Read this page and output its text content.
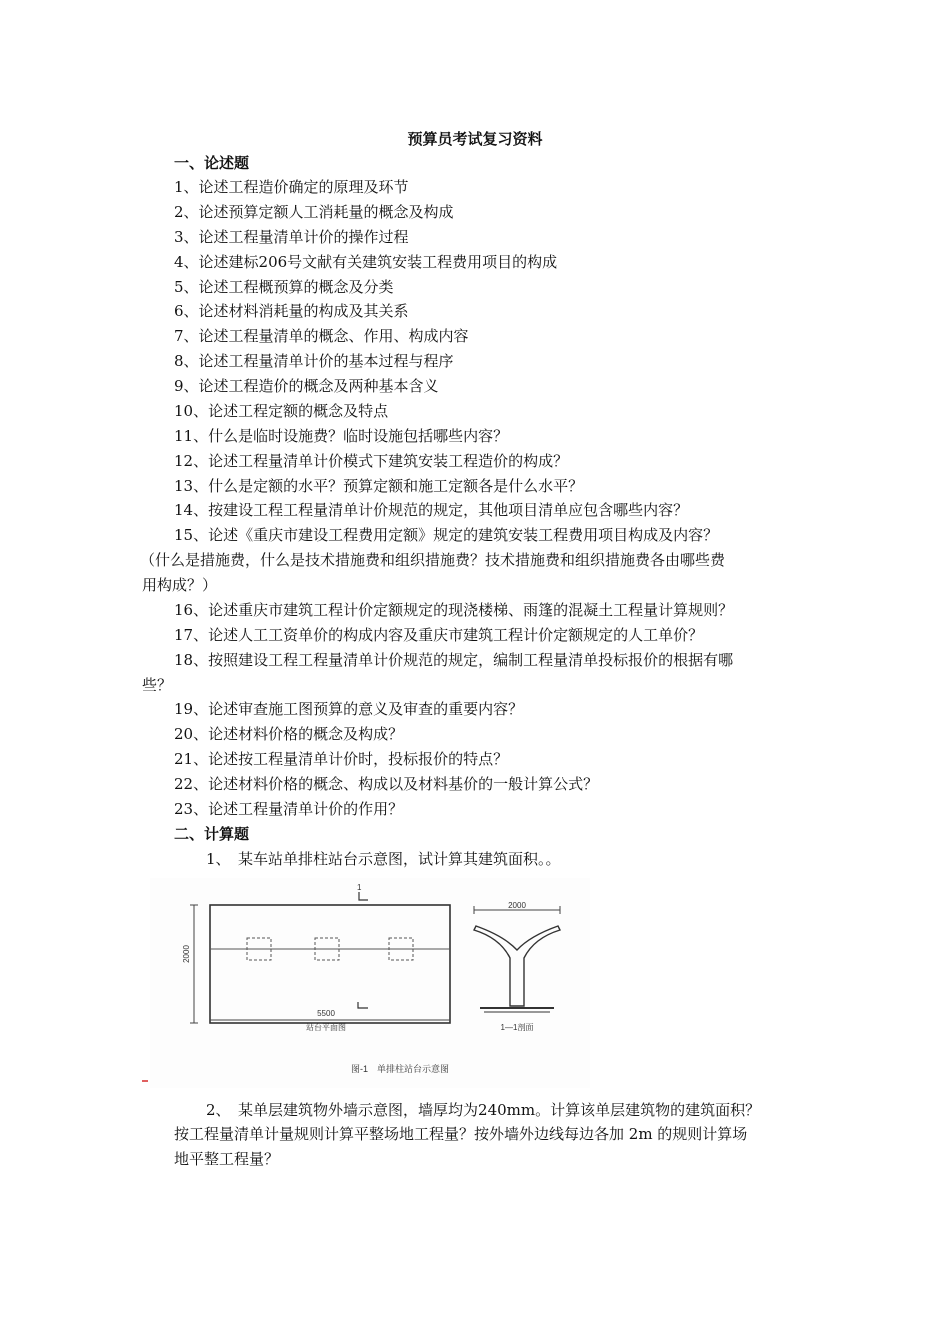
预算员考试复习资料
一、论述题
1、论述工程造价确定的原理及环节
2、论述预算定额人工消耗量的概念及构成
3、论述工程量清单计价的操作过程
4、论述建标206号文献有关建筑安装工程费用项目的构成
5、论述工程概预算的概念及分类
6、论述材料消耗量的构成及其关系
7、论述工程量清单的概念、作用、构成内容
8、论述工程量清单计价的基本过程与程序
9、论述工程造价的概念及两种基本含义
10、论述工程定额的概念及特点
11、什么是临时设施费？临时设施包括哪些内容？
12、论述工程量清单计价模式下建筑安装工程造价的构成？
13、什么是定额的水平？预算定额和施工定额各是什么水平？
14、按建设工程工程量清单计价规范的规定，其他项目清单应包含哪些内容？
15、论述《重庆市建设工程费用定额》规定的建筑安装工程费用项目构成及内容？
（什么是措施费，什么是技术措施费和组织措施费？技术措施费和组织措施费各由哪些费
用构成？）
16、论述重庆市建筑工程计价定额规定的现浇楼梯、雨篷的混凝土工程量计算规则？
17、论述人工工资单价的构成内容及重庆市建筑工程计价定额规定的人工单价？
18、按照建设工程工程量清单计价规范的规定，编制工程量清单投标报价的根据有哪
些？
19、论述审查施工图预算的意义及审查的重要内容？
20、论述材料价格的概念及构成？
21、论述按工程量清单计价时，投标报价的特点？
22、论述材料价格的概念、构成以及材料基价的一般计算公式？
23、论述工程量清单计价的作用？
二、计算题
1、　某车站单排柱站台示意图，试计算其建筑面积。。
1
2000
5500
站台平面图
2000
1—1剖面
图-1　单排柱站台示意图
2、　某单层建筑物外墙示意图，墙厚均为240mm。计算该单层建筑物的建筑面积？
按工程量清单计量规则计算平整场地工程量？按外墙外边线每边各加 2m 的规则计算场
地平整工程量？
